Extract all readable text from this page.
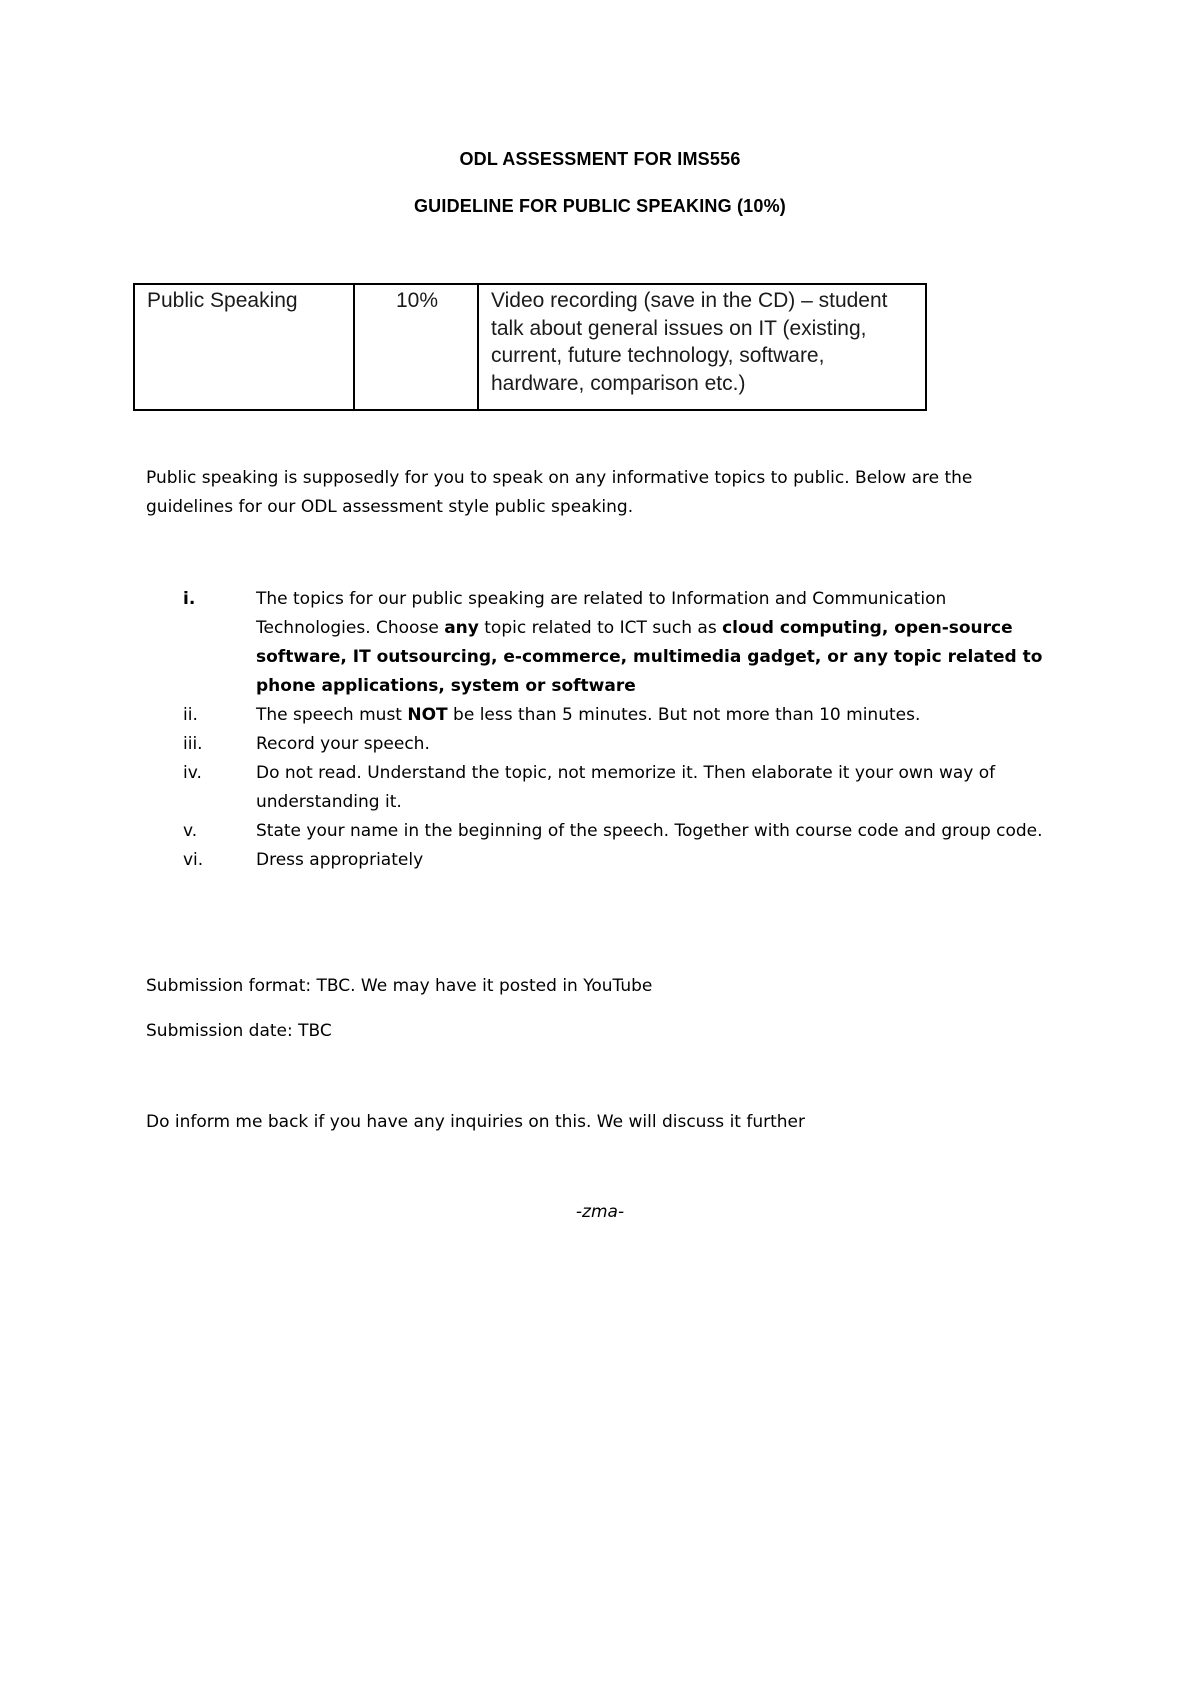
ODL ASSESSMENT FOR IMS556
GUIDELINE FOR PUBLIC SPEAKING (10%)
Public Speaking	10%	Video recording (save in the CD) – student talk about general issues on IT (existing, current, future technology, software, hardware, comparison etc.)
Public speaking is supposedly for you to speak on any informative topics to public. Below are the guidelines for our ODL assessment style public speaking.
i.	The topics for our public speaking are related to Information and Communication Technologies. Choose any topic related to ICT such as cloud computing, open-source software, IT outsourcing, e-commerce, multimedia gadget, or any topic related to phone applications, system or software
ii.	The speech must NOT be less than 5 minutes. But not more than 10 minutes.
iii.	Record your speech.
iv.	Do not read. Understand the topic, not memorize it. Then elaborate it your own way of understanding it.
v.	State your name in the beginning of the speech. Together with course code and group code.
vi.	Dress appropriately
Submission format: TBC. We may have it posted in YouTube
Submission date: TBC
Do inform me back if you have any inquiries on this. We will discuss it further
-zma-
